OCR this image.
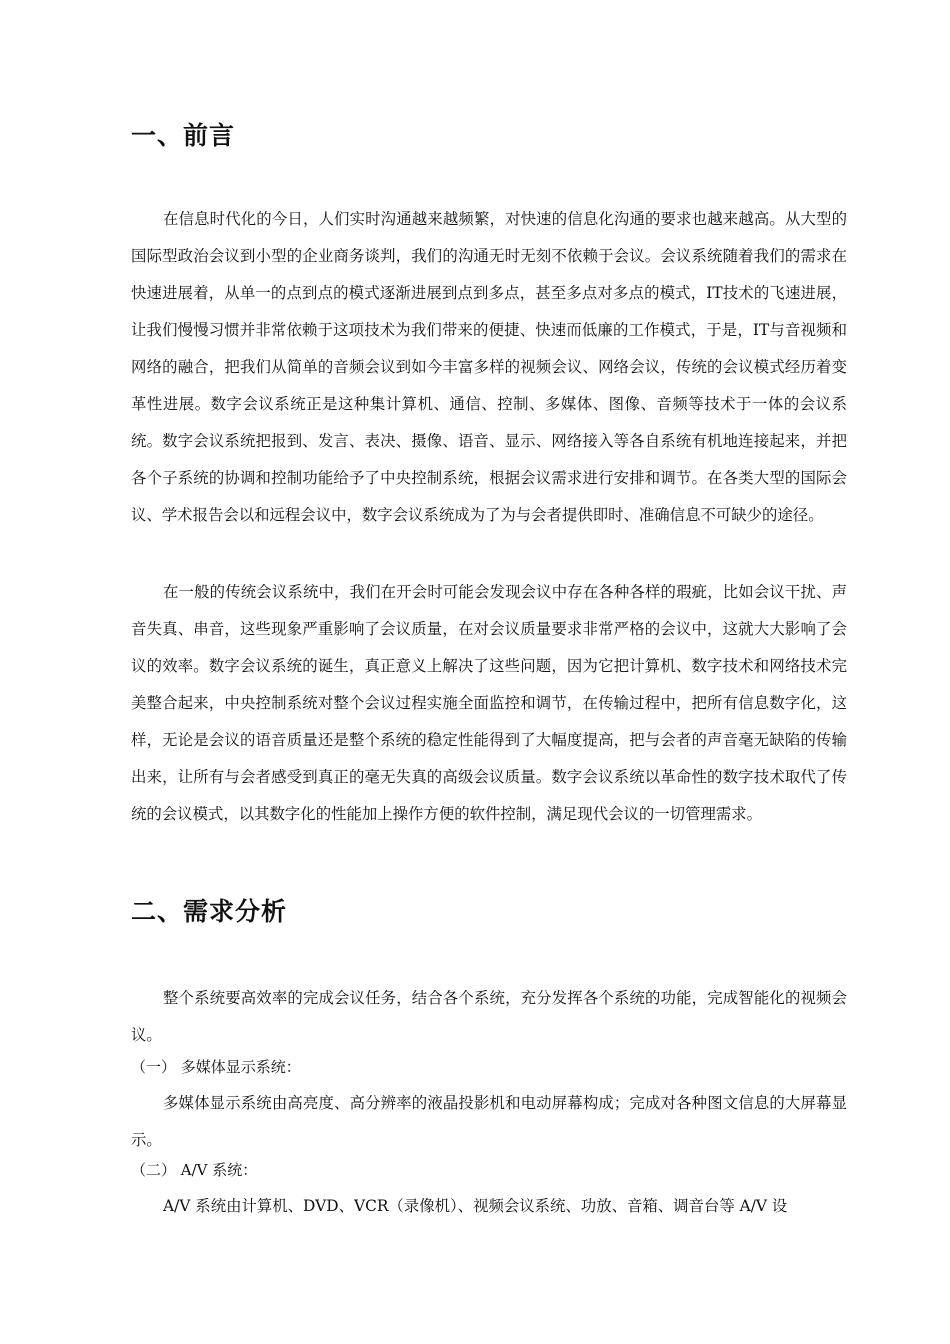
一、前言

在信息时代化的今日，人们实时沟通越来越频繁，对快速的信息化沟通的要求也越来越高。从大型的国际型政治会议到小型的企业商务谈判，我们的沟通无时无刻不依赖于会议。会议系统随着我们的需求在快速进展着，从单一的点到点的模式逐渐进展到点到多点，甚至多点对多点的模式，IT技术的飞速进展，让我们慢慢习惯并非常依赖于这项技术为我们带来的便捷、快速而低廉的工作模式，于是，IT与音视频和网络的融合，把我们从简单的音频会议到如今丰富多样的视频会议、网络会议，传统的会议模式经历着变革性进展。数字会议系统正是这种集计算机、通信、控制、多媒体、图像、音频等技术于一体的会议系统。数字会议系统把报到、发言、表决、摄像、语音、显示、网络接入等各自系统有机地连接起来，并把各个子系统的协调和控制功能给予了中央控制系统，根据会议需求进行安排和调节。在各类大型的国际会议、学术报告会以和远程会议中，数字会议系统成为了为与会者提供即时、准确信息不可缺少的途径。

在一般的传统会议系统中，我们在开会时可能会发现会议中存在各种各样的瑕疵，比如会议干扰、声音失真、串音，这些现象严重影响了会议质量，在对会议质量要求非常严格的会议中，这就大大影响了会议的效率。数字会议系统的诞生，真正意义上解决了这些问题，因为它把计算机、数字技术和网络技术完美整合起来，中央控制系统对整个会议过程实施全面监控和调节，在传输过程中，把所有信息数字化，这样，无论是会议的语音质量还是整个系统的稳定性能得到了大幅度提高，把与会者的声音毫无缺陷的传输出来，让所有与会者感受到真正的毫无失真的高级会议质量。数字会议系统以革命性的数字技术取代了传统的会议模式，以其数字化的性能加上操作方便的软件控制，满足现代会议的一切管理需求。

二、需求分析

整个系统要高效率的完成会议任务，结合各个系统，充分发挥各个系统的功能，完成智能化的视频会议。

（一） 多媒体显示系统：

多媒体显示系统由高亮度、高分辨率的液晶投影机和电动屏幕构成；完成对各种图文信息的大屏幕显示。

（二） A/V 系统：

A/V 系统由计算机、DVD、VCR（录像机）、视频会议系统、功放、音箱、调音台等 A/V 设
